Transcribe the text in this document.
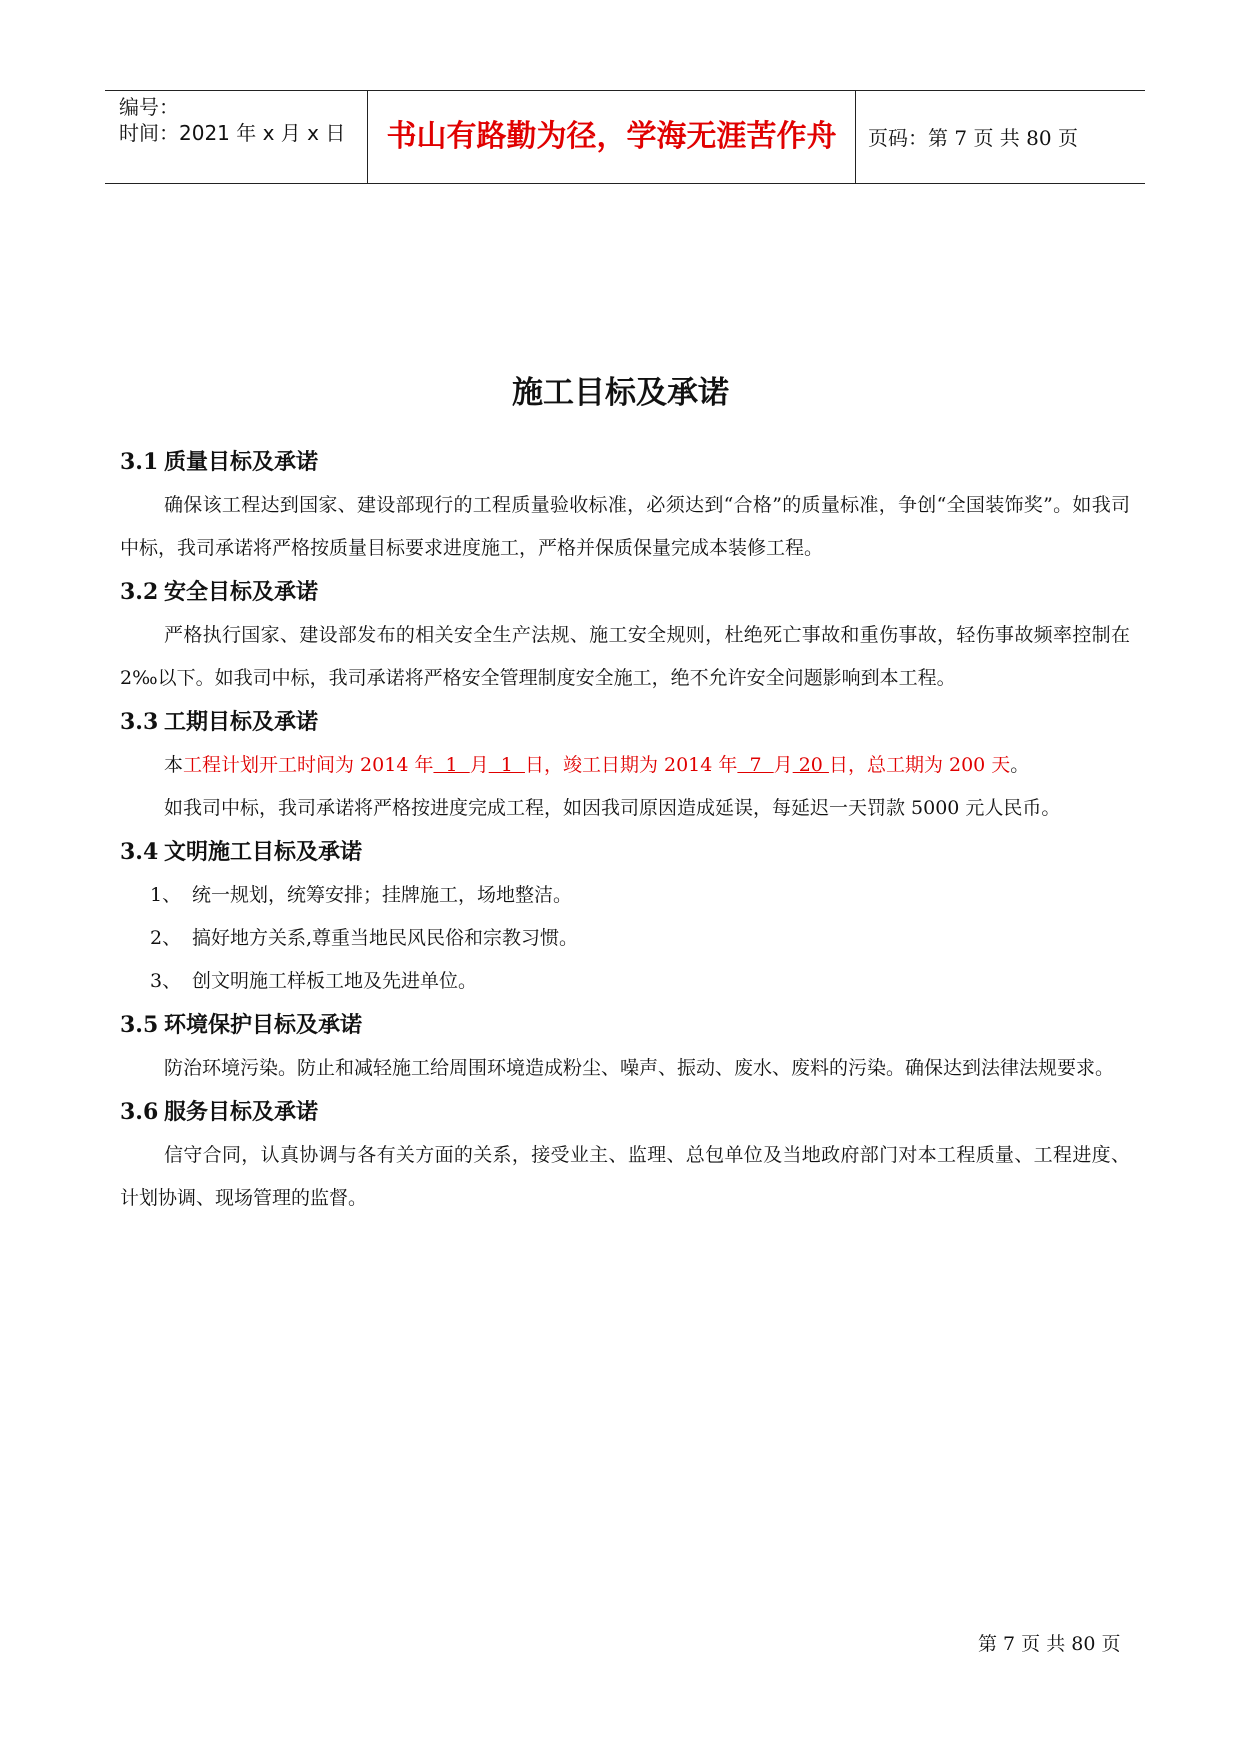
编号：
时间：2021 年 x 月 x 日	书山有路勤为径，学海无涯苦作舟	页码：第 7 页 共 80 页
施工目标及承诺
3.1 质量目标及承诺

确保该工程达到国家、建设部现行的工程质量验收标准，必须达到“合格”的质量标准，争创“全国装饰奖”。如我司中标，我司承诺将严格按质量目标要求进度施工，严格并保质保量完成本装修工程。

3.2 安全目标及承诺

严格执行国家、建设部发布的相关安全生产法规、施工安全规则，杜绝死亡事故和重伤事故，轻伤事故频率控制在 2‰以下。如我司中标，我司承诺将严格安全管理制度安全施工，绝不允许安全问题影响到本工程。

3.3 工期目标及承诺

本工程计划开工时间为 2014 年  1  月  1  日，竣工日期为 2014 年  7  月 20 日，总工期为 200 天。

如我司中标，我司承诺将严格按进度完成工程，如因我司原因造成延误，每延迟一天罚款 5000 元人民币。

3.4 文明施工目标及承诺
1、 统一规划，统筹安排；挂牌施工，场地整洁。
2、 搞好地方关系,尊重当地民风民俗和宗教习惯。
3、 创文明施工样板工地及先进单位。
3.5 环境保护目标及承诺

防治环境污染。防止和减轻施工给周围环境造成粉尘、噪声、振动、废水、废料的污染。确保达到法律法规要求。

3.6 服务目标及承诺

信守合同，认真协调与各有关方面的关系，接受业主、监理、总包单位及当地政府部门对本工程质量、工程进度、计划协调、现场管理的监督。

第 7 页 共 80 页
